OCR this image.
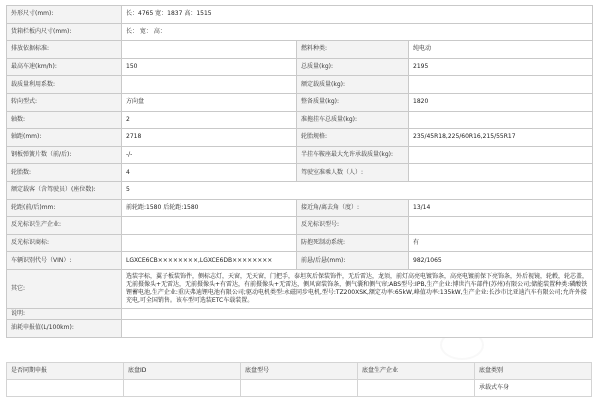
外形尺寸(mm):	长：4765 宽：1837 高：1515		
货箱栏板内尺寸(mm):	长： 宽： 高：		
排放依据标准:		燃料种类:	纯电动
最高车速(km/h):	150	总质量(kg):	2195
载质量利用系数:		额定载质量(kg):	
转向型式:	方向盘	整备质量(kg):	1820
轴数:	2	准拖挂车总质量(kg):	
轴距(mm):	2718	轮胎规格:	235/45R18,225/60R16,215/55R17
钢板弹簧片数（前/后):	-/-	半挂车鞍座最大允许承载质量(kg):	
轮胎数:	4	驾驶室准乘人数（人）:	
额定载客（含驾驶员）(座位数):	5		
轮距(前/后)mm:	前轮距:1580 后轮距:1580	接近角/离去角（度）:	13/14
反光标识生产企业:		反光标识型号:	
反光标识商标:		防抱死制动系统:	有
车辆识别代号（VIN）:	LGXCE6CB××××××××,LGXCE6DB××××××××	前悬/后悬(mm):	982/1065
其它:	选装字标，翼子板装饰件，侧标志灯，天窗，无天窗，门把手，泰坦灰后保装饰件，无后雷达，龙須，前灯高亮电镀饰条，高亮电镀前保下亮饰条，外后视镜，轮毂，轮芯盖，无前摄像头+无雷达，无前摄像头+有雷达，有前摄像头+无雷达，侧风窗装饰条，侧气囊和侧气帘;ABS型号:IPB,生产企业:博世汽车部件(苏州)有限公司;储能装置种类:磷酸铁锂蓄电池,生产企业:重庆弗迪锂电池有限公司;驱动电机类型:永磁同步电机,型号:TZ200XSK,额定功率:65kW,峰值功率:135kW,生产企业:长沙市比亚迪汽车有限公司;允许外接充电,可全国销售。该车型可选装ETC车载装置。		
说明:			
油耗申报值(L/100km):			
是否同期申报	底盘ID	底盘型号	底盘生产企业	底盘类别
				承载式车身
